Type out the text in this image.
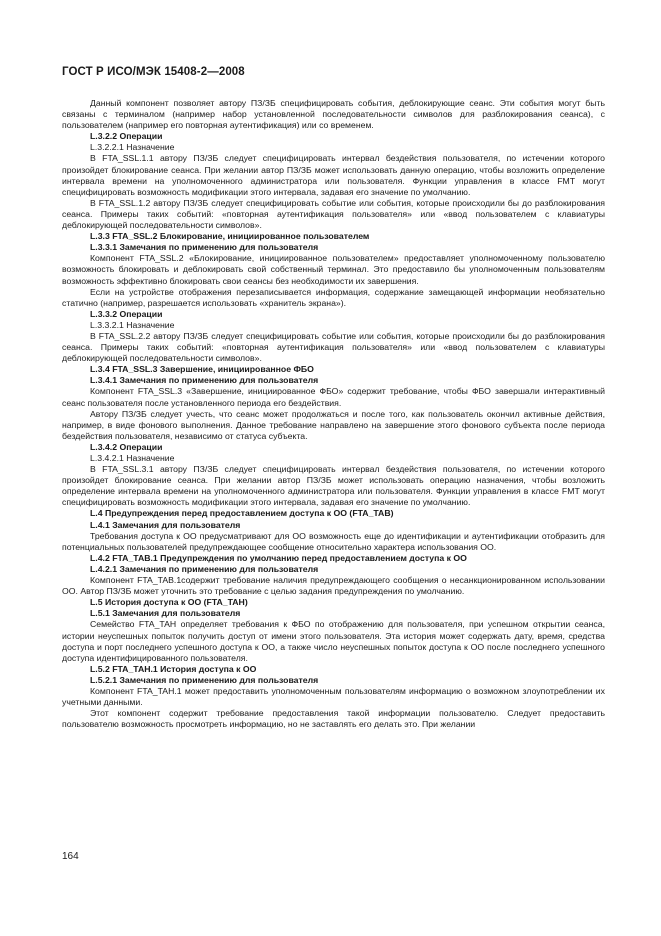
ГОСТ Р ИСО/МЭК 15408-2—2008

Данный компонент позволяет автору ПЗ/ЗБ специфицировать события, деблокирующие сеанс. Эти события могут быть связаны с терминалом (например набор установленной последовательности символов для разблокирования сеанса), с пользователем (например его повторная аутентификация) или со временем.

L.3.2.2 Операции

L.3.2.2.1 Назначение

В FTA_SSL.1.1 автору ПЗ/ЗБ следует специфицировать интервал бездействия пользователя, по истечении которого произойдет блокирование сеанса. При желании автор ПЗ/ЗБ может использовать данную операцию, чтобы возложить определение интервала времени на уполномоченного администратора или пользователя. Функции управления в классе FMT могут специфицировать возможность модификации этого интервала, задавая его значение по умолчанию.

В FTA_SSL.1.2 автору ПЗ/ЗБ следует специфицировать событие или события, которые происходили бы до разблокирования сеанса. Примеры таких событий: «повторная аутентификация пользователя» или «ввод пользователем с клавиатуры деблокирующей последовательности символов».

L.3.3 FTA_SSL.2 Блокирование, инициированное пользователем

L.3.3.1 Замечания по применению для пользователя

Компонент FTA_SSL.2 «Блокирование, инициированное пользователем» предоставляет уполномоченному пользователю возможность блокировать и деблокировать свой собственный терминал. Это предоставило бы уполномоченным пользователям возможность эффективно блокировать свои сеансы без необходимости их завершения.

Если на устройстве отображения перезаписывается информация, содержание замещающей информации необязательно статично (например, разрешается использовать «хранитель экрана»).

L.3.3.2 Операции

L.3.3.2.1 Назначение

В FTA_SSL.2.2 автору ПЗ/ЗБ следует специфицировать событие или события, которые происходили бы до разблокирования сеанса. Примеры таких событий: «повторная аутентификация пользователя» или «ввод пользователем с клавиатуры деблокирующей последовательности символов».

L.3.4 FTA_SSL.3 Завершение, инициированное ФБО

L.3.4.1 Замечания по применению для пользователя

Компонент FTA_SSL.3 «Завершение, инициированное ФБО» содержит требование, чтобы ФБО завершали интерактивный сеанс пользователя после установленного периода его бездействия.

Автору ПЗ/ЗБ следует учесть, что сеанс может продолжаться и после того, как пользователь окончил активные действия, например, в виде фонового выполнения. Данное требование направлено на завершение этого фонового субъекта после периода бездействия пользователя, независимо от статуса субъекта.

L.3.4.2 Операции

L.3.4.2.1 Назначение

В FTA_SSL.3.1 автору ПЗ/ЗБ следует специфицировать интервал бездействия пользователя, по истечении которого произойдет блокирование сеанса. При желании автор ПЗ/ЗБ может использовать операцию назначения, чтобы возложить определение интервала времени на уполномоченного администратора или пользователя. Функции управления в классе FMT могут специфицировать возможность модификации этого интервала, задавая его значение по умолчанию.

L.4 Предупреждения перед предоставлением доступа к ОО (FTA_TAB)

L.4.1 Замечания для пользователя

Требования доступа к ОО предусматривают для ОО возможность еще до идентификации и аутентификации отобразить для потенциальных пользователей предупреждающее сообщение относительно характера использования ОО.

L.4.2 FTA_TAB.1 Предупреждения по умолчанию перед предоставлением доступа к ОО

L.4.2.1 Замечания по применению для пользователя

Компонент FTA_TAB.1содержит требование наличия предупреждающего сообщения о несанкционированном использовании ОО. Автор ПЗ/ЗБ может уточнить это требование с целью задания предупреждения по умолчанию.

L.5 История доступа к ОО (FTA_TAH)

L.5.1 Замечания для пользователя

Семейство FTA_TAH определяет требования к ФБО по отображению для пользователя, при успешном открытии сеанса, истории неуспешных попыток получить доступ от имени этого пользователя. Эта история может содержать дату, время, средства доступа и порт последнего успешного доступа к ОО, а также число неуспешных попыток доступа к ОО после последнего успешного доступа идентифицированного пользователя.

L.5.2 FTA_TAH.1 История доступа к ОО

L.5.2.1 Замечания по применению для пользователя

Компонент FTA_TAH.1 может предоставить уполномоченным пользователям информацию о возможном злоупотреблении их учетными данными.

Этот компонент содержит требование предоставления такой информации пользователю. Следует предоставить пользователю возможность просмотреть информацию, но не заставлять его делать это. При желании

164
